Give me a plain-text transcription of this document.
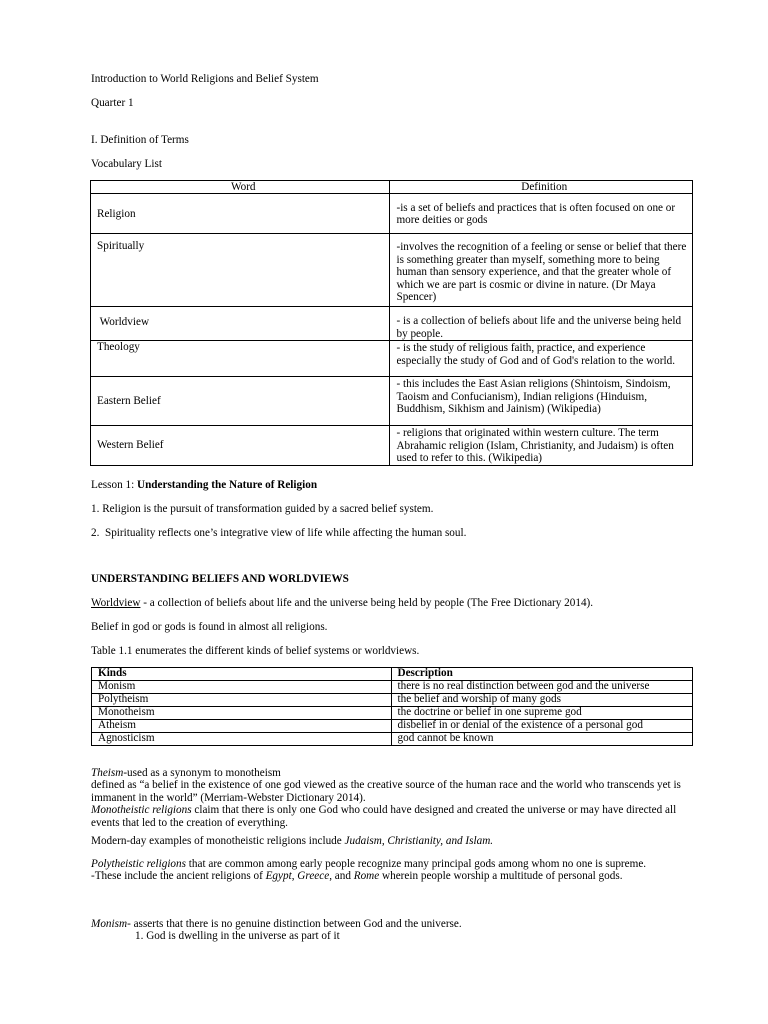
Introduction to World Religions and Belief System
Quarter 1
I. Definition of Terms
Vocabulary List
Word	Definition
Religion	-is a set of beliefs and practices that is often focused on one or more deities or gods
Spiritually	-involves the recognition of a feeling or sense or belief that there is something greater than myself, something more to being human than sensory experience, and that the greater whole of which we are part is cosmic or divine in nature. (Dr Maya Spencer)
Worldview	- is a collection of beliefs about life and the universe being held by people.
Theology	- is the study of religious faith, practice, and experience especially the study of God and of God's relation to the world.
Eastern Belief	- this includes the East Asian religions (Shintoism, Sindoism, Taoism and Confucianism), Indian religions (Hinduism, Buddhism, Sikhism and Jainism) (Wikipedia)
Western Belief	- religions that originated within western culture. The term Abrahamic religion (Islam, Christianity, and Judaism) is often used to refer to this. (Wikipedia)
Lesson 1: Understanding the Nature of Religion
1. Religion is the pursuit of transformation guided by a sacred belief system.
2.  Spirituality reflects one’s integrative view of life while affecting the human soul.
UNDERSTANDING BELIEFS AND WORLDVIEWS
Worldview - a collection of beliefs about life and the universe being held by people (The Free Dictionary 2014).
Belief in god or gods is found in almost all religions.
Table 1.1 enumerates the different kinds of belief systems or worldviews.
Kinds	Description
Monism	there is no real distinction between god and the universe
Polytheism	the belief and worship of many gods
Monotheism	the doctrine or belief in one supreme god
Atheism	disbelief in or denial of the existence of a personal god
Agnosticism	god cannot be known
Theism-used as a synonym to monotheism
defined as “a belief in the existence of one god viewed as the creative source of the human race and the world who transcends yet is immanent in the world” (Merriam-Webster Dictionary 2014).
Monotheistic religions claim that there is only one God who could have designed and created the universe or may have directed all events that led to the creation of everything.
Modern-day examples of monotheistic religions include Judaism, Christianity, and Islam.
Polytheistic religions that are common among early people recognize many principal gods among whom no one is supreme.
-These include the ancient religions of Egypt, Greece, and Rome wherein people worship a multitude of personal gods.
Monism- asserts that there is no genuine distinction between God and the universe.
1. God is dwelling in the universe as part of it
